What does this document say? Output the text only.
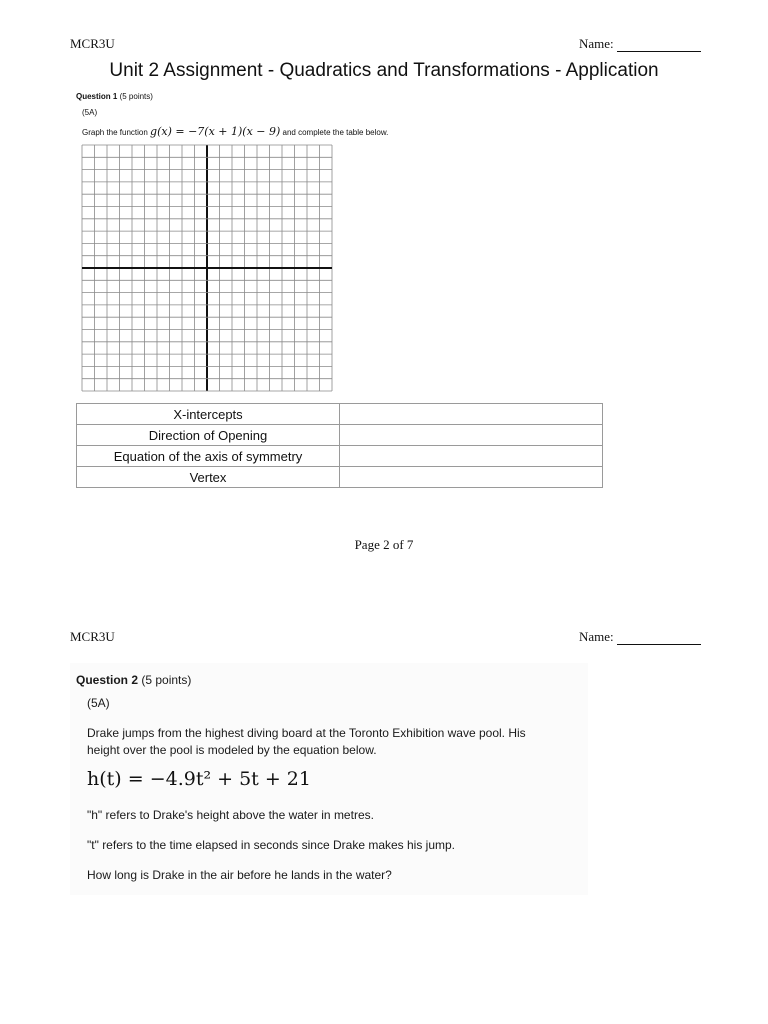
MCR3U	Name:
Unit 2 Assignment - Quadratics and Transformations - Application
Question 1 (5 points)
(5A)
Graph the function g(x) = −7(x + 1)(x − 9) and complete the table below.
X-intercepts	
Direction of Opening	
Equation of the axis of symmetry	
Vertex	
Page 2 of 7
MCR3U	Name:
Question 2 (5 points)
(5A)
Drake jumps from the highest diving board at the Toronto Exhibition wave pool. His height over the pool is modeled by the equation below.
h(t) = −4.9t² + 5t + 21
"h" refers to Drake's height above the water in metres.
"t" refers to the time elapsed in seconds since Drake makes his jump.
How long is Drake in the air before he lands in the water?
